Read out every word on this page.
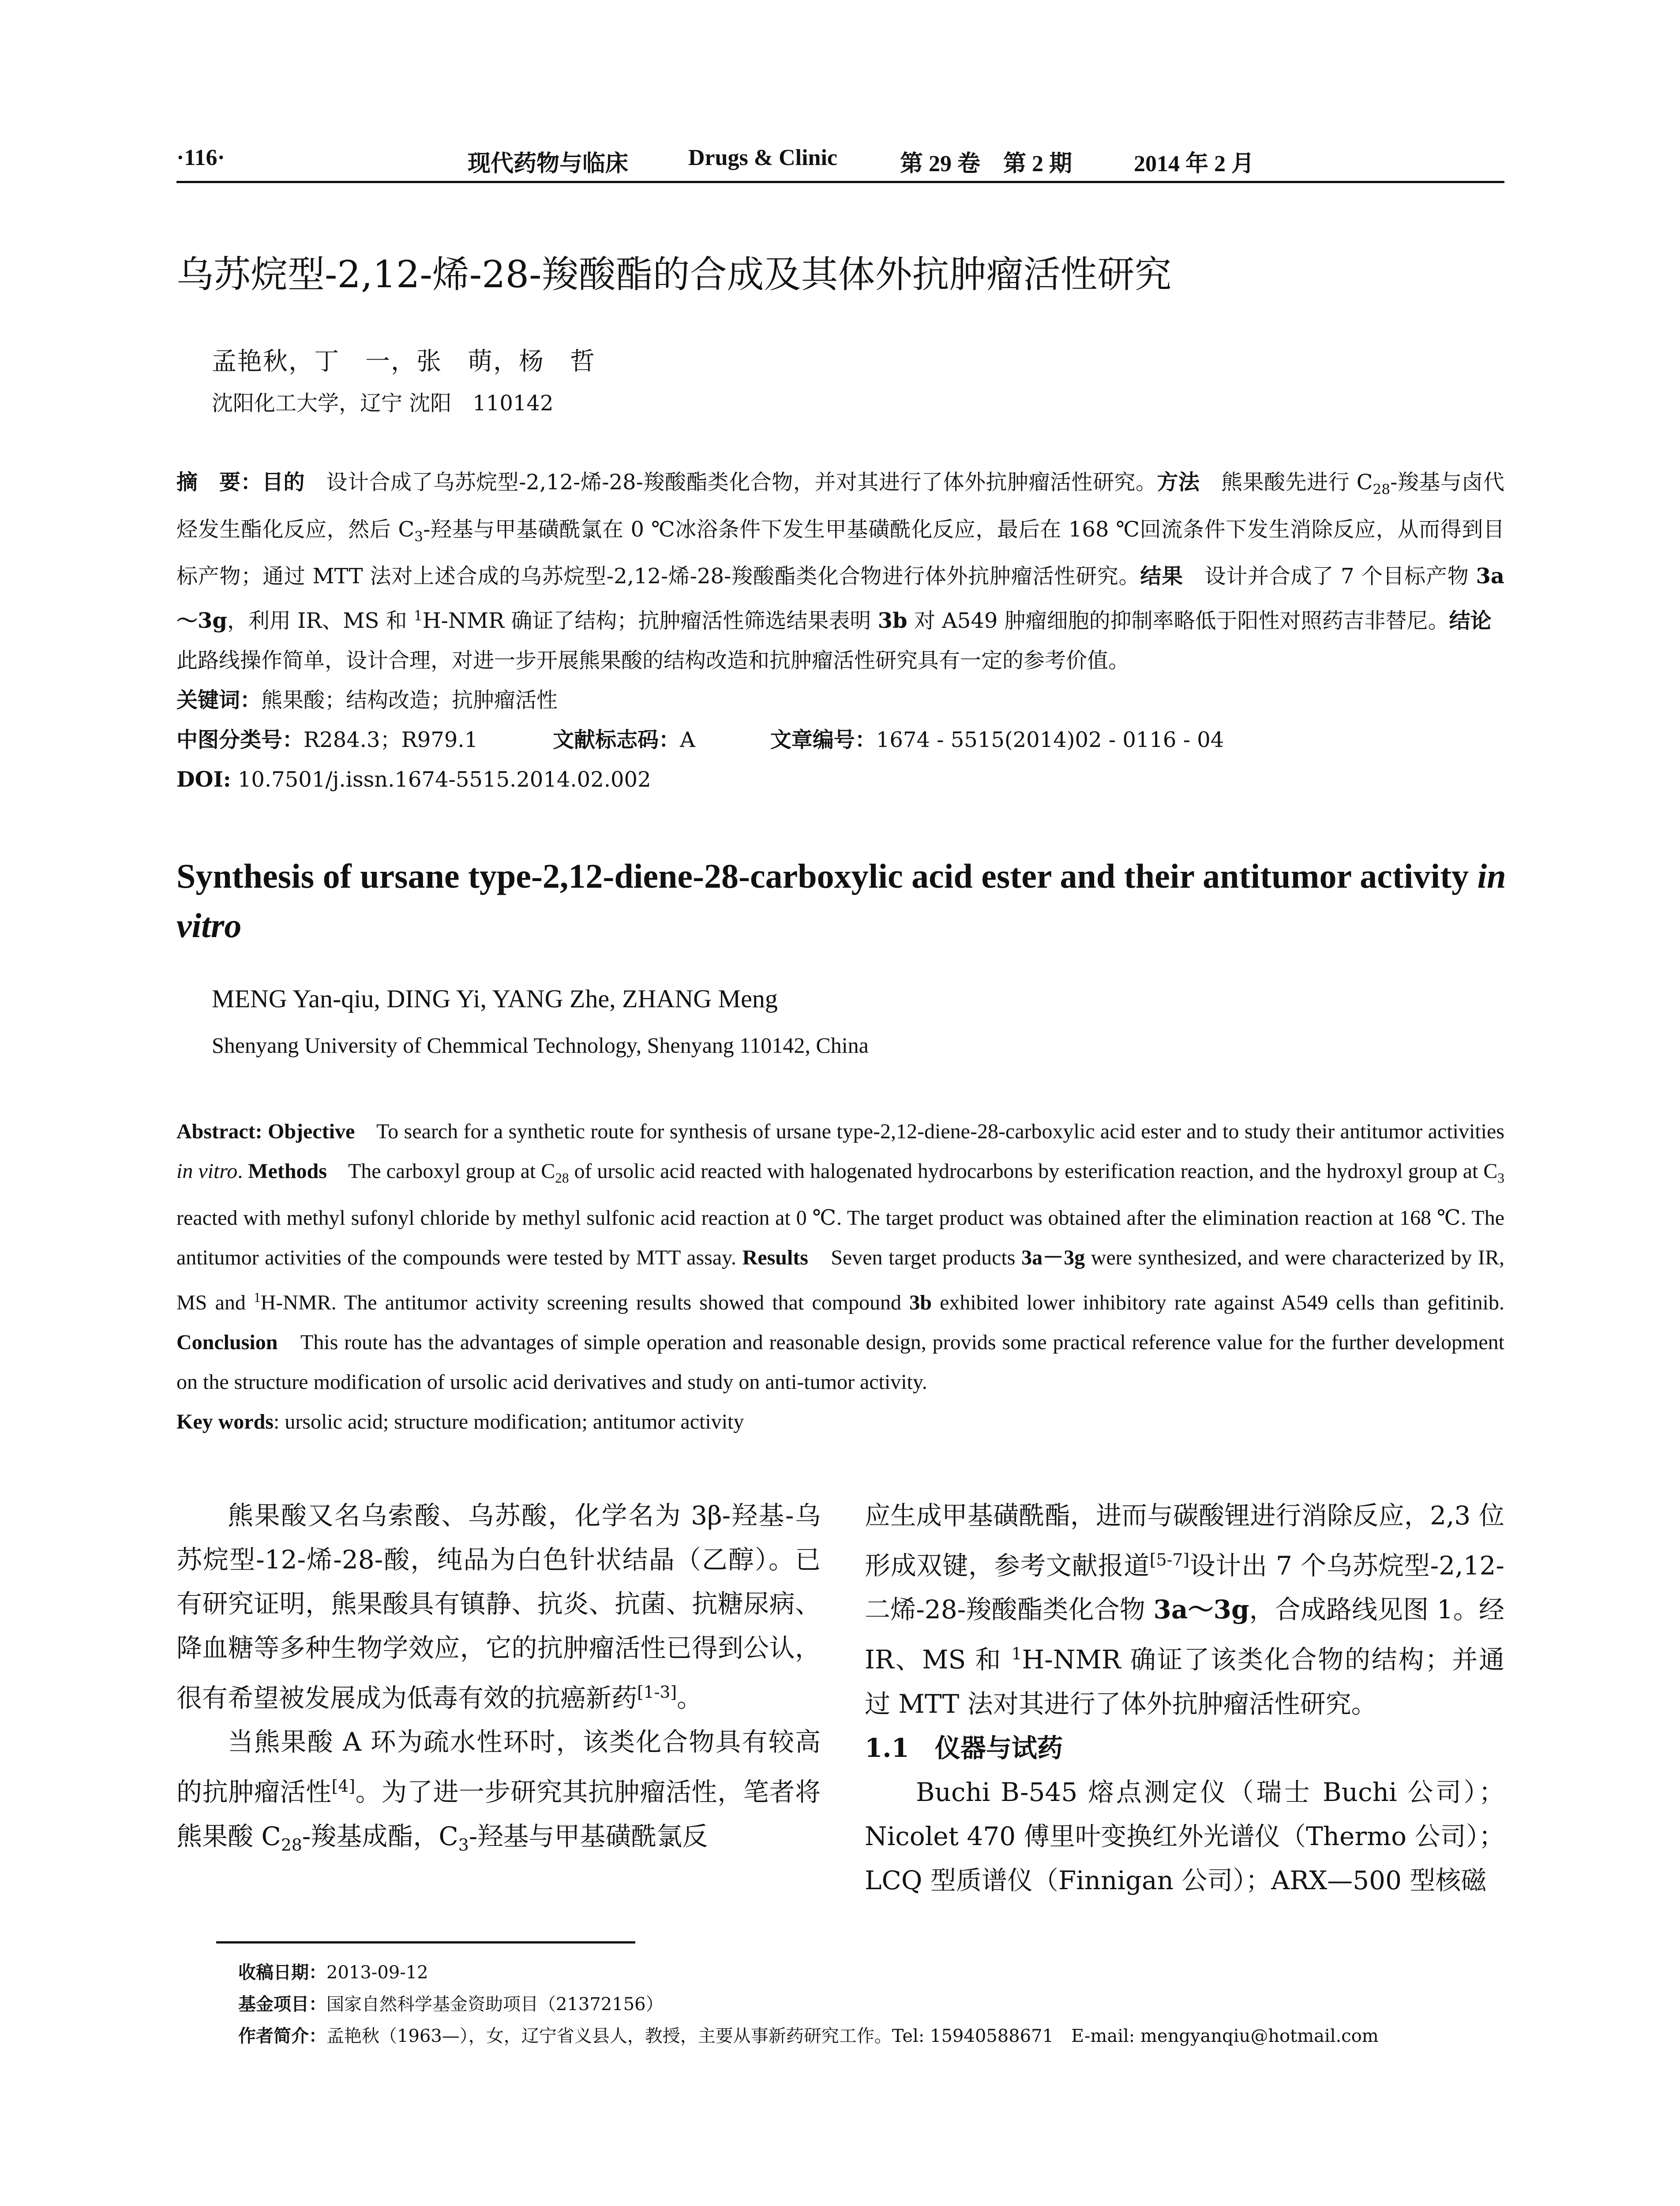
·116·	现代药物与临床	Drugs & Clinic	第 29 卷　第 2 期	2014 年 2 月
乌苏烷型-2,12-烯-28-羧酸酯的合成及其体外抗肿瘤活性研究
孟艳秋，丁　一，张　萌，杨　哲
沈阳化工大学，辽宁 沈阳　110142
摘　要：目的　设计合成了乌苏烷型-2,12-烯-28-羧酸酯类化合物，并对其进行了体外抗肿瘤活性研究。方法　熊果酸先进行 $C_{28}-$羧基与卤代烃发生酯化反应，然后 $C_3-$羟基与甲基磺酰氯在 0 ℃冰浴条件下发生甲基磺酰化反应，最后在 168 ℃回流条件下发生消除反应，从而得到目标产物；通过 MTT 法对上述合成的乌苏烷型-2,12-烯-28-羧酸酯类化合物进行体外抗肿瘤活性研究。结果　设计并合成了 7 个目标产物 3a～3g，利用 IR、MS 和 $^1$H-NMR 确证了结构；抗肿瘤活性筛选结果表明 3b 对 A549 肿瘤细胞的抑制率略低于阳性对照药吉非替尼。结论　此路线操作简单，设计合理，对进一步开展熊果酸的结构改造和抗肿瘤活性研究具有一定的参考价值。
关键词：熊果酸；结构改造；抗肿瘤活性
中图分类号：R284.3；R979.1	文献标志码：A	文章编号：1674 - 5515(2014)02 - 0116 - 04
DOI: 10.7501/j.issn.1674-5515.2014.02.002
Synthesis of ursane type-2,12-diene-28-carboxylic acid ester and their antitumor activity in vitro
MENG Yan-qiu, DING Yi, YANG Zhe, ZHANG Meng
Shenyang University of Chemmical Technology, Shenyang 110142, China
Abstract: Objective　To search for a synthetic route for synthesis of ursane type-2,12-diene-28-carboxylic acid ester and to study their antitumor activities in vitro. Methods　The carboxyl group at $C_{28}$ of ursolic acid reacted with halogenated hydrocarbons by esterification reaction, and the hydroxyl group at $C_3$ reacted with methyl sufonyl chloride by methyl sulfonic acid reaction at 0 ℃. The target product was obtained after the elimination reaction at 168 ℃. The antitumor activities of the compounds were tested by MTT assay. Results　Seven target products 3a－3g were synthesized, and were characterized by IR, MS and $^1$H-NMR. The antitumor activity screening results showed that compound 3b exhibited lower inhibitory rate against A549 cells than gefitinib. Conclusion　This route has the advantages of simple operation and reasonable design, provids some practical reference value for the further development on the structure modification of ursolic acid derivatives and study on anti-tumor activity.
Key words: ursolic acid; structure modification; antitumor activity

熊果酸又名乌索酸、乌苏酸，化学名为 3β-羟基-乌苏烷型-12-烯-28-酸，纯品为白色针状结晶（乙醇）。已有研究证明，熊果酸具有镇静、抗炎、抗菌、抗糖尿病、降血糖等多种生物学效应，它的抗肿瘤活性已得到公认，很有希望被发展成为低毒有效的抗癌新药[1-3]。

当熊果酸 A 环为疏水性环时，该类化合物具有较高的抗肿瘤活性[4]。为了进一步研究其抗肿瘤活性，笔者将熊果酸 $C_{28}-$羧基成酯，$C_3-$羟基与甲基磺酰氯反

应生成甲基磺酰酯，进而与碳酸锂进行消除反应，2,3 位形成双键，参考文献报道[5-7]设计出 7 个乌苏烷型-2,12-二烯-28-羧酸酯类化合物 3a～3g，合成路线见图 1。经 IR、MS 和 $^1$H-NMR 确证了该类化合物的结构；并通过 MTT 法对其进行了体外抗肿瘤活性研究。

1.1　仪器与试药

Buchi B-545 熔点测定仪（瑞士 Buchi 公司）；Nicolet 470 傅里叶变换红外光谱仪（Thermo 公司）；LCQ 型质谱仪（Finnigan 公司）；ARX—500 型核磁

收稿日期：2013-09-12
基金项目：国家自然科学基金资助项目（21372156）
作者简介：孟艳秋（1963—），女，辽宁省义县人，教授，主要从事新药研究工作。Tel: 15940588671　E-mail: mengyanqiu@hotmail.com
